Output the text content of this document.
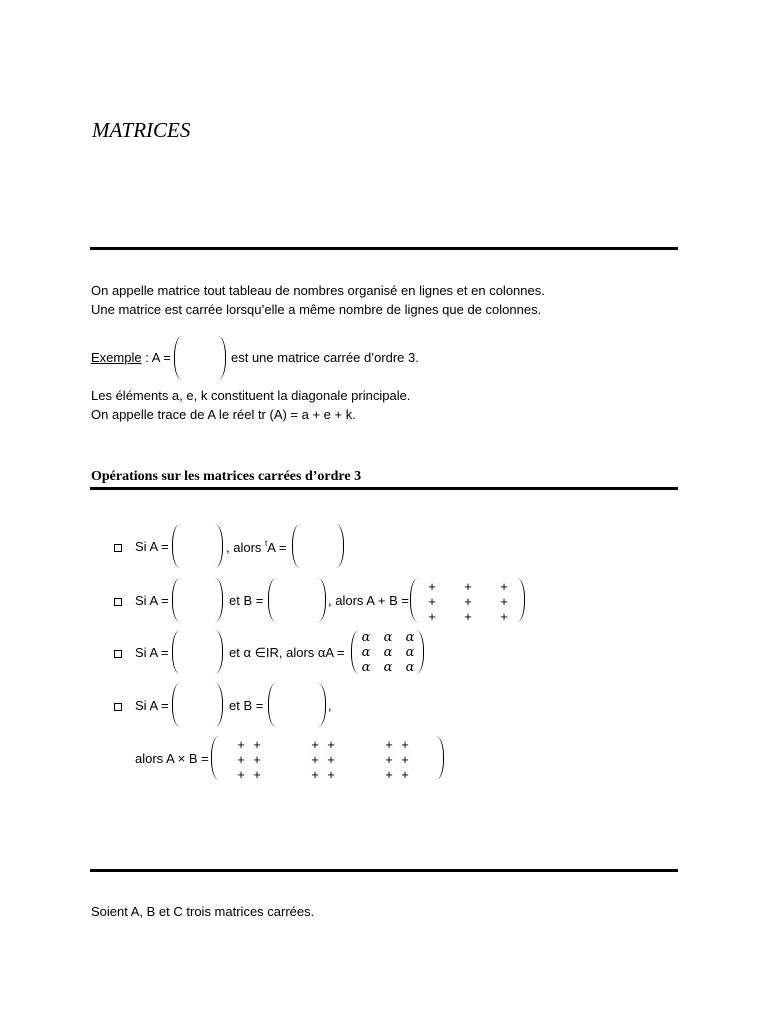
MATRICES
On appelle matrice tout tableau de nombres organisé en lignes et en colonnes.
Une matrice est carrée lorsqu’elle a même nombre de lignes que de colonnes.
Exemple : A =	est une matrice carrée d’ordre 3.
Les éléments a, e, k constituent la diagonale principale.
On appelle trace de A le réel tr (A) = a + e + k.
Opérations sur les matrices carrées d’ordre 3
Si A =	, alors $^t$A =
Si A =	et B =	, alors A + B =
+	+	+
+	+	+
+	+	+
Si A =	et α ∈IR, alors αA =
α α α
α α α
α α α
Si A =	et B =	,
alors A × B =
+ +	+ +	+ +
+ +	+ +	+ +
+ +	+ +	+ +
Soient A, B et C trois matrices carrées.
